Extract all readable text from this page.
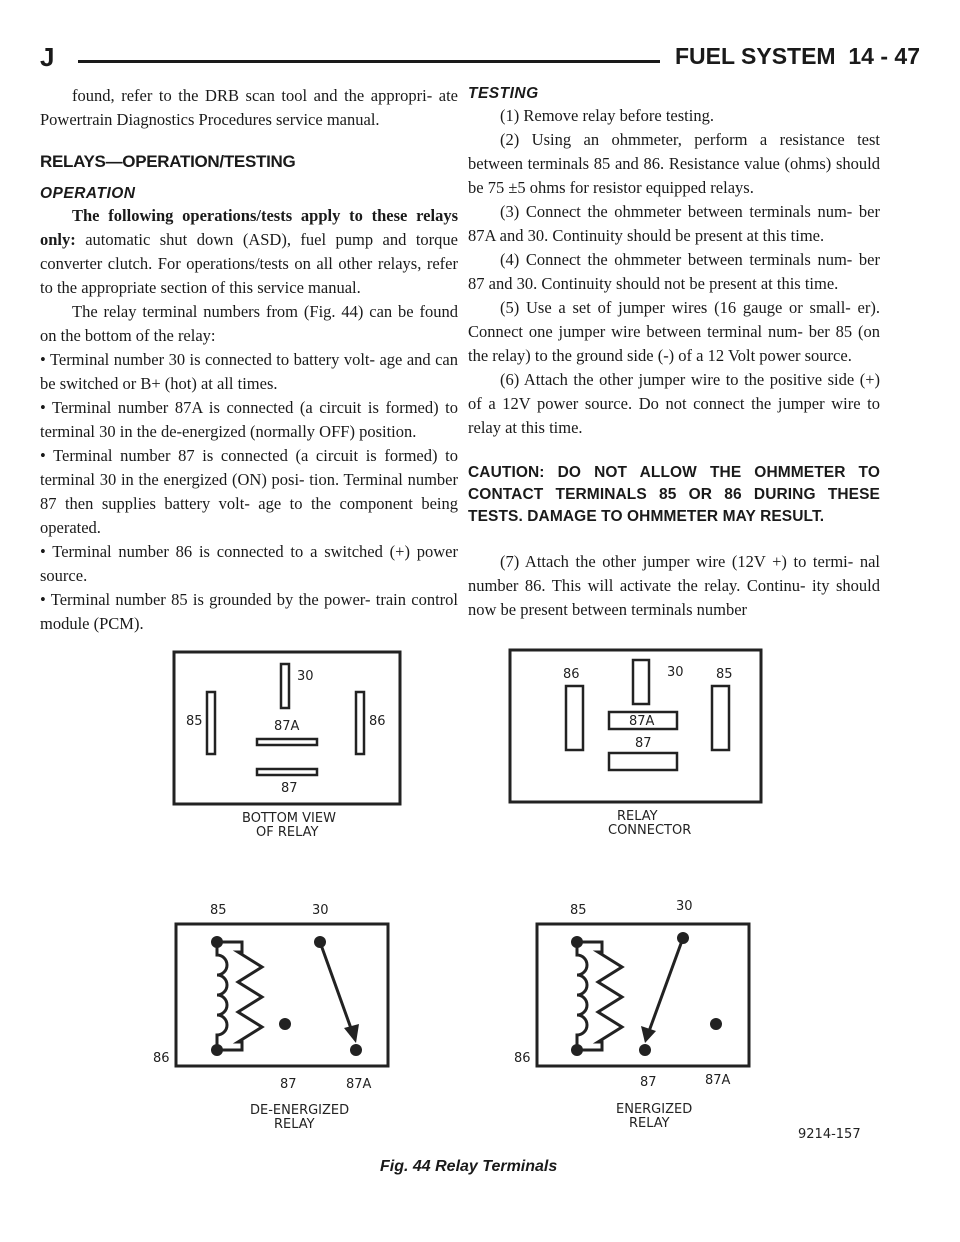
J	FUEL SYSTEM 14 - 47

found, refer to the DRB scan tool and the appropri- ate Powertrain Diagnostics Procedures service manual.

RELAYS—OPERATION/TESTING
OPERATION

The following operations/tests apply to these relays only: automatic shut down (ASD), fuel pump and torque converter clutch. For operations/tests on all other relays, refer to the appropriate section of this service manual.

The relay terminal numbers from (Fig. 44) can be found on the bottom of the relay:

• Terminal number 30 is connected to battery volt- age and can be switched or B+ (hot) at all times.

• Terminal number 87A is connected (a circuit is formed) to terminal 30 in the de-energized (normally OFF) position.

• Terminal number 87 is connected (a circuit is formed) to terminal 30 in the energized (ON) posi- tion. Terminal number 87 then supplies battery volt- age to the component being operated.

• Terminal number 86 is connected to a switched (+) power source.

• Terminal number 85 is grounded by the power- train control module (PCM).

TESTING

(1) Remove relay before testing.

(2) Using an ohmmeter, perform a resistance test between terminals 85 and 86. Resistance value (ohms) should be 75 ±5 ohms for resistor equipped relays.

(3) Connect the ohmmeter between terminals num- ber 87A and 30. Continuity should be present at this time.

(4) Connect the ohmmeter between terminals num- ber 87 and 30. Continuity should not be present at this time.

(5) Use a set of jumper wires (16 gauge or small- er). Connect one jumper wire between terminal num- ber 85 (on the relay) to the ground side (-) of a 12 Volt power source.

(6) Attach the other jumper wire to the positive side (+) of a 12V power source. Do not connect the jumper wire to relay at this time.

CAUTION: DO NOT ALLOW THE OHMMETER TO CONTACT TERMINALS 85 OR 86 DURING THESE TESTS. DAMAGE TO OHMMETER MAY RESULT.

(7) Attach the other jumper wire (12V +) to termi- nal number 86. This will activate the relay. Continu- ity should now be present between terminals number

30
85	86
87A
87
BOTTOM VIEW
OF RELAY
30
86	85
87A
87
RELAY
CONNECTOR
85	30
86
87	87A
DE-ENERGIZED
RELAY
85	30
86
87	87A
ENERGIZED
RELAY
9214-157
Fig. 44 Relay Terminals
